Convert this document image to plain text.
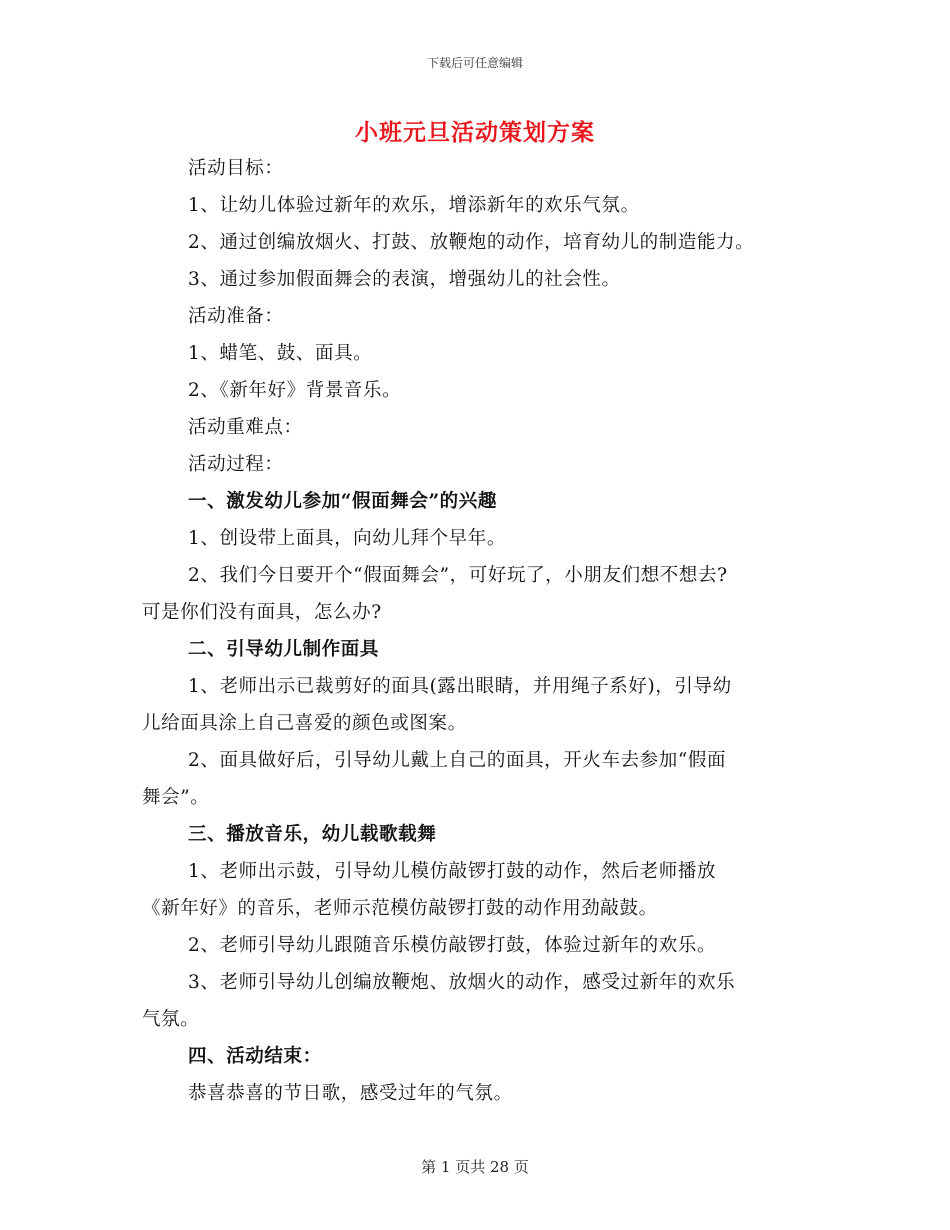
下载后可任意编辑
小班元旦活动策划方案
活动目标：
1、让幼儿体验过新年的欢乐，增添新年的欢乐气氛。
2、通过创编放烟火、打鼓、放鞭炮的动作，培育幼儿的制造能力。
3、通过参加假面舞会的表演，增强幼儿的社会性。
活动准备：
1、蜡笔、鼓、面具。
2、《新年好》背景音乐。
活动重难点：
活动过程：
一、激发幼儿参加“假面舞会”的兴趣
1、创设带上面具，向幼儿拜个早年。
2、我们今日要开个“假面舞会”，可好玩了，小朋友们想不想去?
可是你们没有面具，怎么办?
二、引导幼儿制作面具
1、老师出示已裁剪好的面具(露出眼睛，并用绳子系好)，引导幼
儿给面具涂上自己喜爱的颜色或图案。
2、面具做好后，引导幼儿戴上自己的面具，开火车去参加“假面
舞会”。
三、播放音乐，幼儿载歌载舞
1、老师出示鼓，引导幼儿模仿敲锣打鼓的动作，然后老师播放
《新年好》的音乐，老师示范模仿敲锣打鼓的动作用劲敲鼓。
2、老师引导幼儿跟随音乐模仿敲锣打鼓，体验过新年的欢乐。
3、老师引导幼儿创编放鞭炮、放烟火的动作，感受过新年的欢乐
气氛。
四、活动结束：
恭喜恭喜的节日歌，感受过年的气氛。
第 1 页共 28 页
